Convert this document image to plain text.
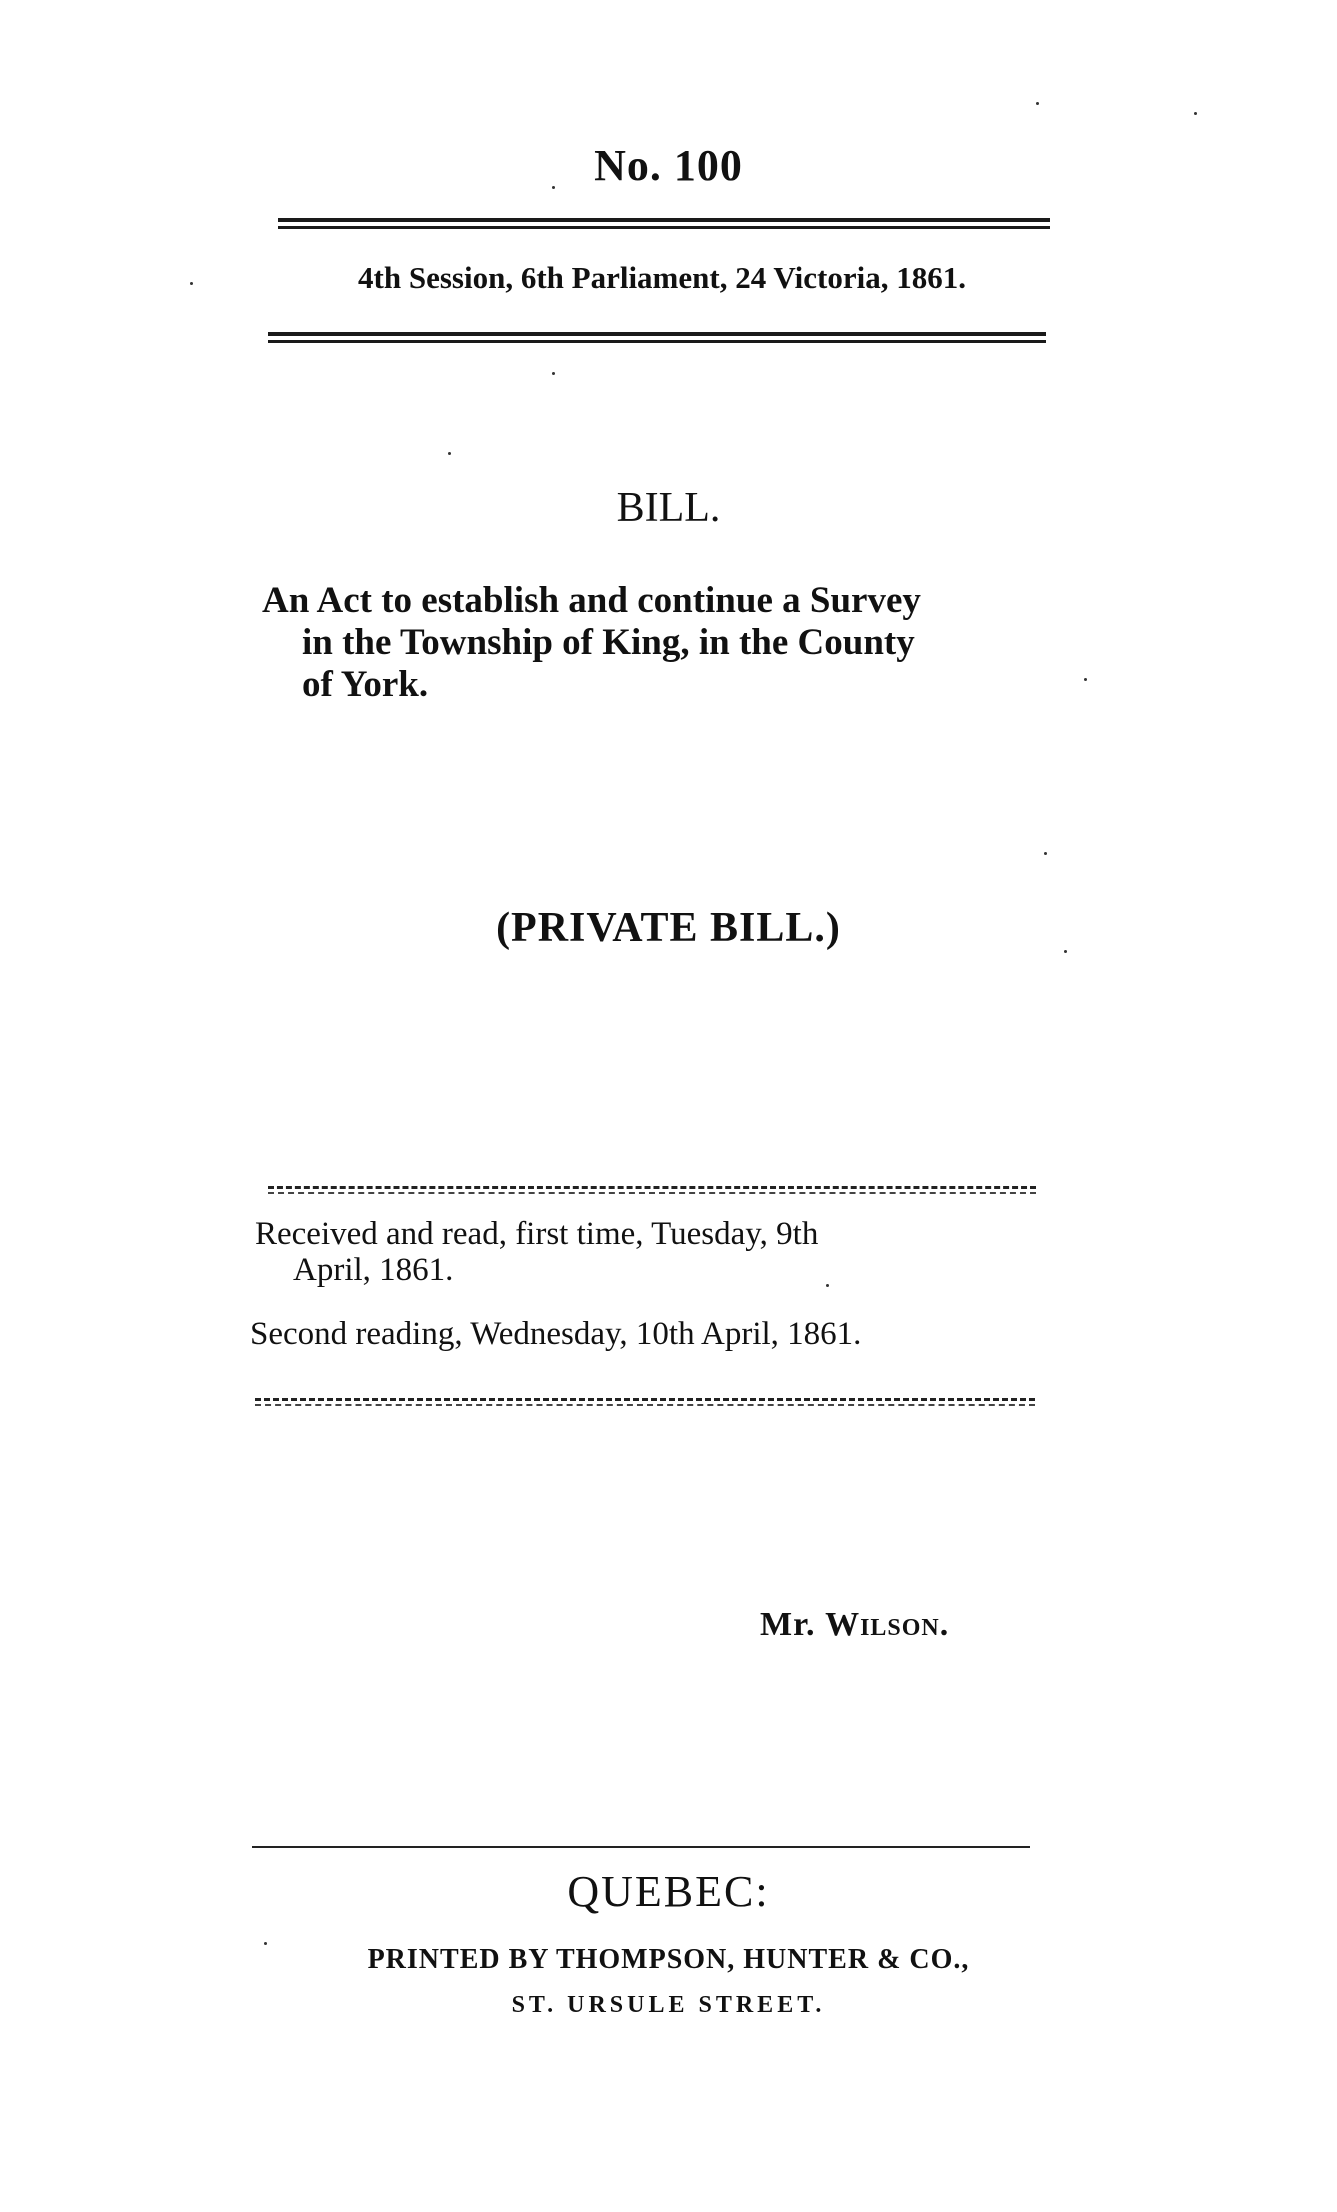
No. 100
4th Session, 6th Parliament, 24 Victoria, 1861.
BILL.
An Act to establish and continue a Survey
in the Township of King, in the County
of York.
(PRIVATE BILL.)
Received and read, first time, Tuesday, 9th
April, 1861.
Second reading, Wednesday, 10th April, 1861.
Mr. Wilson.
QUEBEC:
PRINTED BY THOMPSON, HUNTER & CO.,
ST. URSULE STREET.
